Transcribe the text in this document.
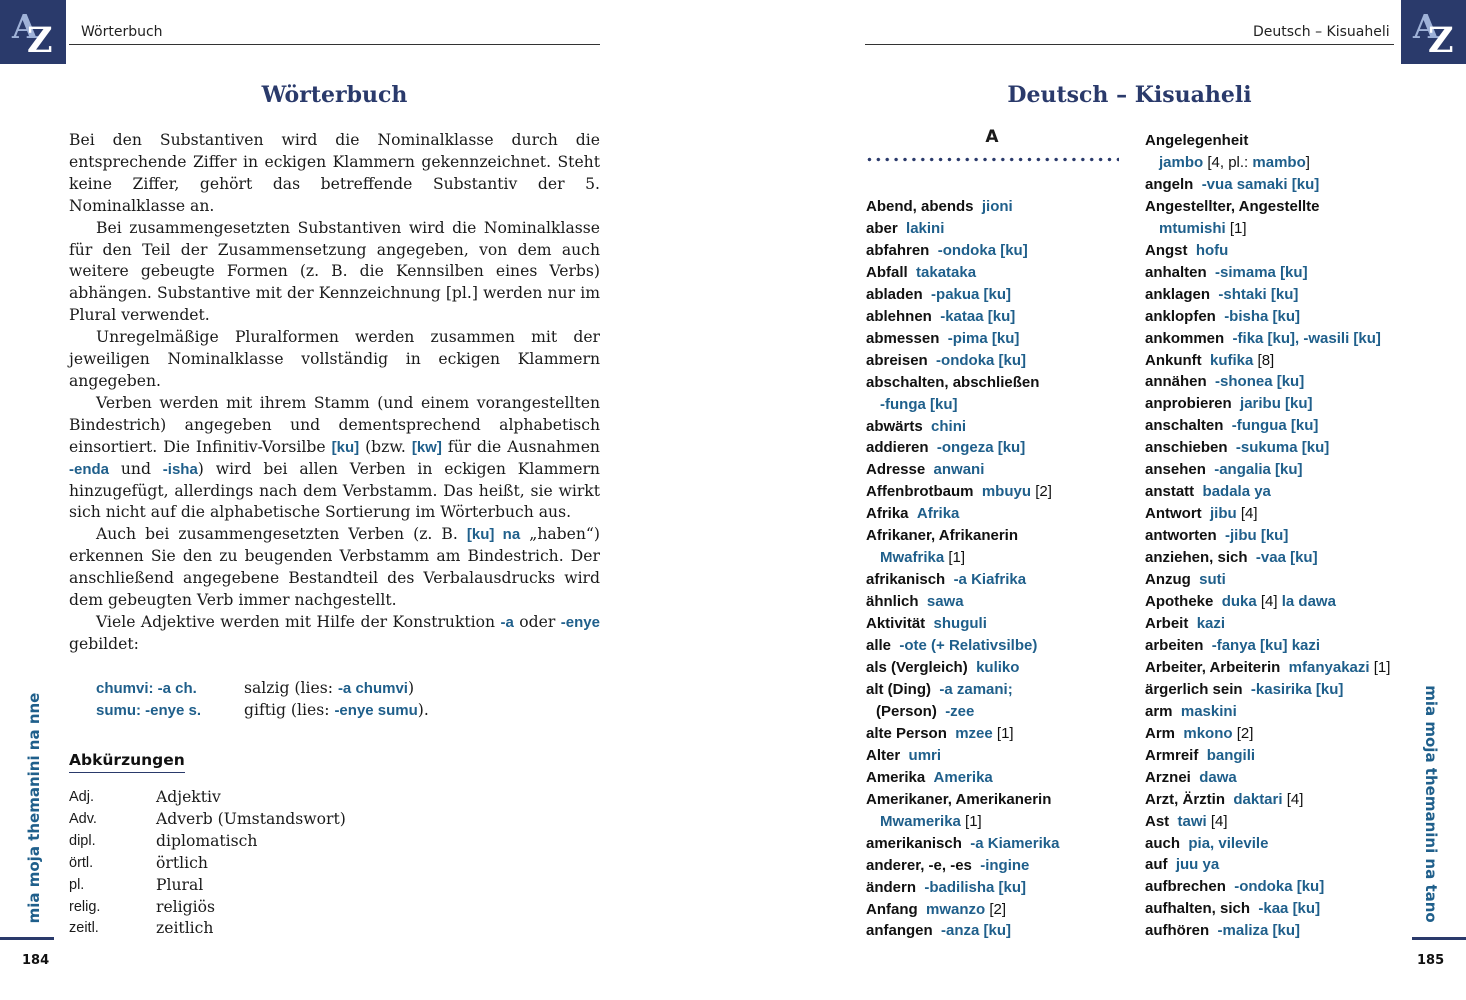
A
Z Wörterbuch
Wörterbuch

Bei den Substantiven wird die Nominalklasse durch die entsprechende Ziffer in eckigen Klammern gekennzeichnet. Steht keine Ziffer, gehört das betreffende Substantiv der 5. Nominalklasse an.

Bei zusammengesetzten Substantiven wird die Nominalklasse für den Teil der Zusammensetzung angegeben, von dem auch weitere gebeugte Formen (z. B. die Kennsilben eines Verbs) abhängen. Substantive mit der Kennzeichnung [pl.] werden nur im Plural verwendet.

Unregelmäßige Pluralformen werden zusammen mit der jeweiligen Nominalklasse vollständig in eckigen Klammern angegeben.

Verben werden mit ihrem Stamm (und einem vorangestellten Bindestrich) angegeben und dementsprechend alphabetisch einsortiert. Die Infinitiv-Vorsilbe [ku] (bzw. [kw] für die Ausnahmen -enda und -isha) wird bei allen Verben in eckigen Klammern hinzugefügt, allerdings nach dem Verbstamm. Das heißt, sie wirkt sich nicht auf die alphabetische Sortierung im Wörterbuch aus.

Auch bei zusammengesetzten Verben (z. B. [ku] na „haben“) erkennen Sie den zu beugenden Verbstamm am Bindestrich. Der anschließend angegebene Bestandteil des Verbalausdrucks wird dem gebeugten Verb immer nachgestellt.

Viele Adjektive werden mit Hilfe der Konstruktion -a oder -enye gebildet:

chumvi: -a ch.	salzig (lies: -a chumvi)
sumu: -enye s.	giftig (lies: -enye sumu).
Abkürzungen
Adj.	Adjektiv
Adv.	Adverb (Umstandswort)
dipl.	diplomatisch
örtl.	örtlich
pl.	Plural
relig.	religiös
zeitl.	zeitlich
mia moja themanini na nne
184
A
Z
Deutsch – Kisuaheli
Deutsch – Kisuaheli
mia moja themanini na tano
185
A
Abend, abends jioni
aber lakini
abfahren -ondoka [ku]
Abfall takataka
abladen -pakua [ku]
ablehnen -kataa [ku]
abmessen -pima [ku]
abreisen -ondoka [ku]
abschalten, abschließen
-funga [ku]
abwärts chini
addieren -ongeza [ku]
Adresse anwani
Affenbrotbaum mbuyu [2]
Afrika Afrika
Afrikaner, Afrikanerin
Mwafrika [1]
afrikanisch -a Kiafrika
ähnlich sawa
Aktivität shuguli
alle -ote (+ Relativsilbe)
als (Vergleich) kuliko
alt (Ding) -a zamani;
(Person) -zee
alte Person mzee [1]
Alter umri
Amerika Amerika
Amerikaner, Amerikanerin
Mwamerika [1]
amerikanisch -a Kiamerika
anderer, -e, -es -ingine
ändern -badilisha [ku]
Anfang mwanzo [2]
anfangen -anza [ku]
Angelegenheit
jambo [4, pl.: mambo]
angeln -vua samaki [ku]
Angestellter, Angestellte
mtumishi [1]
Angst hofu
anhalten -simama [ku]
anklagen -shtaki [ku]
anklopfen -bisha [ku]
ankommen -fika [ku], -wasili [ku]
Ankunft kufika [8]
annähen -shonea [ku]
anprobieren jaribu [ku]
anschalten -fungua [ku]
anschieben -sukuma [ku]
ansehen -angalia [ku]
anstatt badala ya
Antwort jibu [4]
antworten -jibu [ku]
anziehen, sich -vaa [ku]
Anzug suti
Apotheke duka [4] la dawa
Arbeit kazi
arbeiten -fanya [ku] kazi
Arbeiter, Arbeiterin mfanyakazi [1]
ärgerlich sein -kasirika [ku]
arm maskini
Arm mkono [2]
Armreif bangili
Arznei dawa
Arzt, Ärztin daktari [4]
Ast tawi [4]
auch pia, vilevile
auf juu ya
aufbrechen -ondoka [ku]
aufhalten, sich -kaa [ku]
aufhören -maliza [ku]
